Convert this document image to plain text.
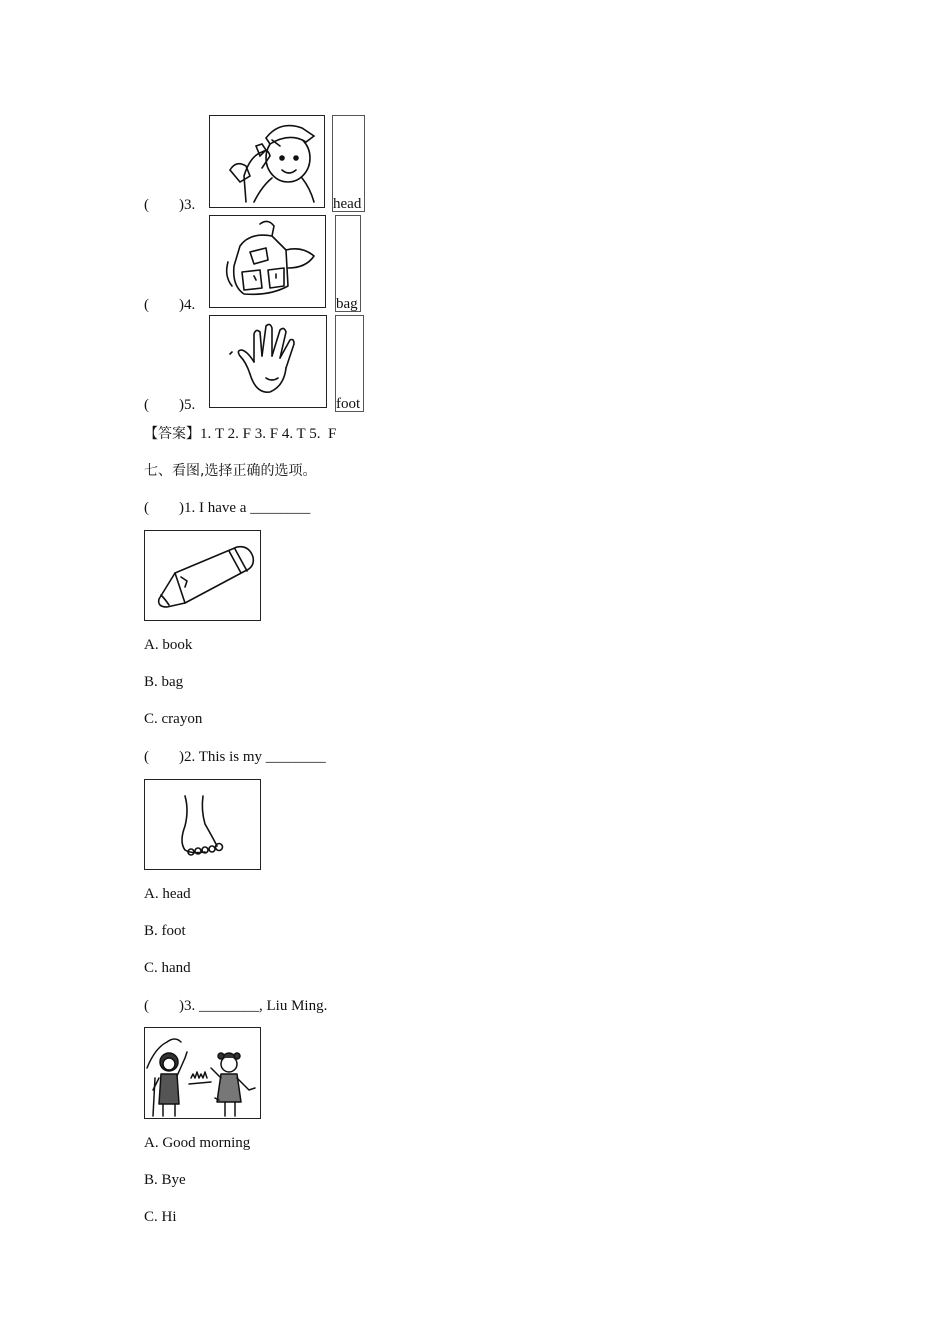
(        )3.	head
(        )4.	bag
(        )5.	foot
【答案】1. T 2. F 3. F 4. T 5.  F
七、看图,选择正确的选项。
(        )1. I have a ________
A. book
B. bag
C. crayon
(        )2. This is my ________
A. head
B. foot
C. hand
(        )3. ________, Liu Ming.
A. Good morning
B. Bye
C. Hi
